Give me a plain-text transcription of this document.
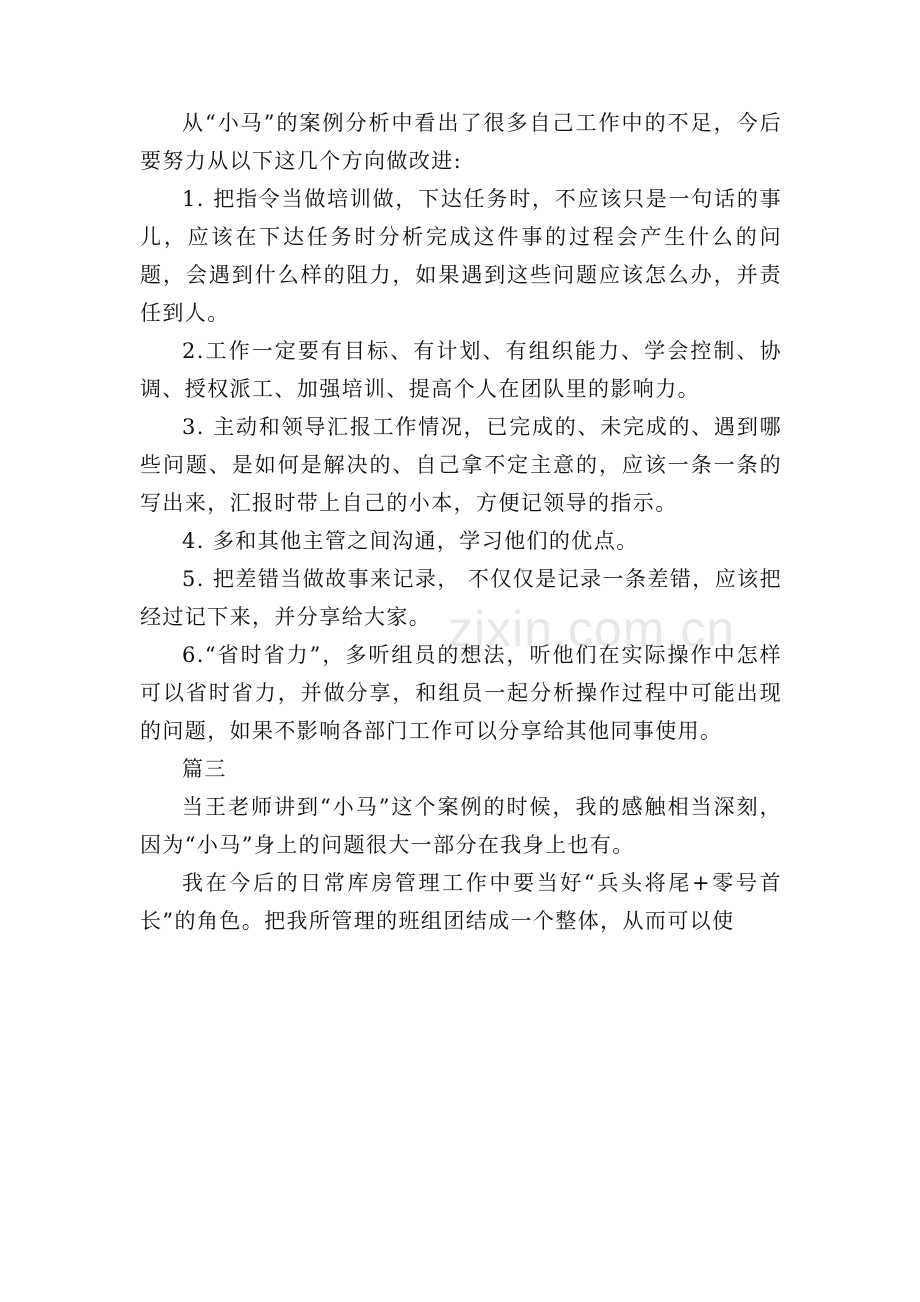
从“小马”的案例分析中看出了很多自己工作中的不足，今后要努力从以下这几个方向做改进:

1. 把指令当做培训做，下达任务时，不应该只是一句话的事儿，应该在下达任务时分析完成这件事的过程会产生什么的问题，会遇到什么样的阻力，如果遇到这些问题应该怎么办，并责任到人。

2.工作一定要有目标、有计划、有组织能力、学会控制、协调、授权派工、加强培训、提高个人在团队里的影响力。

3. 主动和领导汇报工作情况，已完成的、未完成的、遇到哪些问题、是如何是解决的、自己拿不定主意的，应该一条一条的写出来，汇报时带上自己的小本，方便记领导的指示。

4. 多和其他主管之间沟通，学习他们的优点。

5. 把差错当做故事来记录， 不仅仅是记录一条差错，应该把经过记下来，并分享给大家。

6.“省时省力”，多听组员的想法，听他们在实际操作中怎样可以省时省力，并做分享，和组员一起分析操作过程中可能出现的问题，如果不影响各部门工作可以分享给其他同事使用。

篇三

当王老师讲到“小马”这个案例的时候，我的感触相当深刻，因为“小马”身上的问题很大一部分在我身上也有。

我在今后的日常库房管理工作中要当好“兵头将尾+零号首长”的角色。把我所管理的班组团结成一个整体，从而可以使

zixin.com.cn
